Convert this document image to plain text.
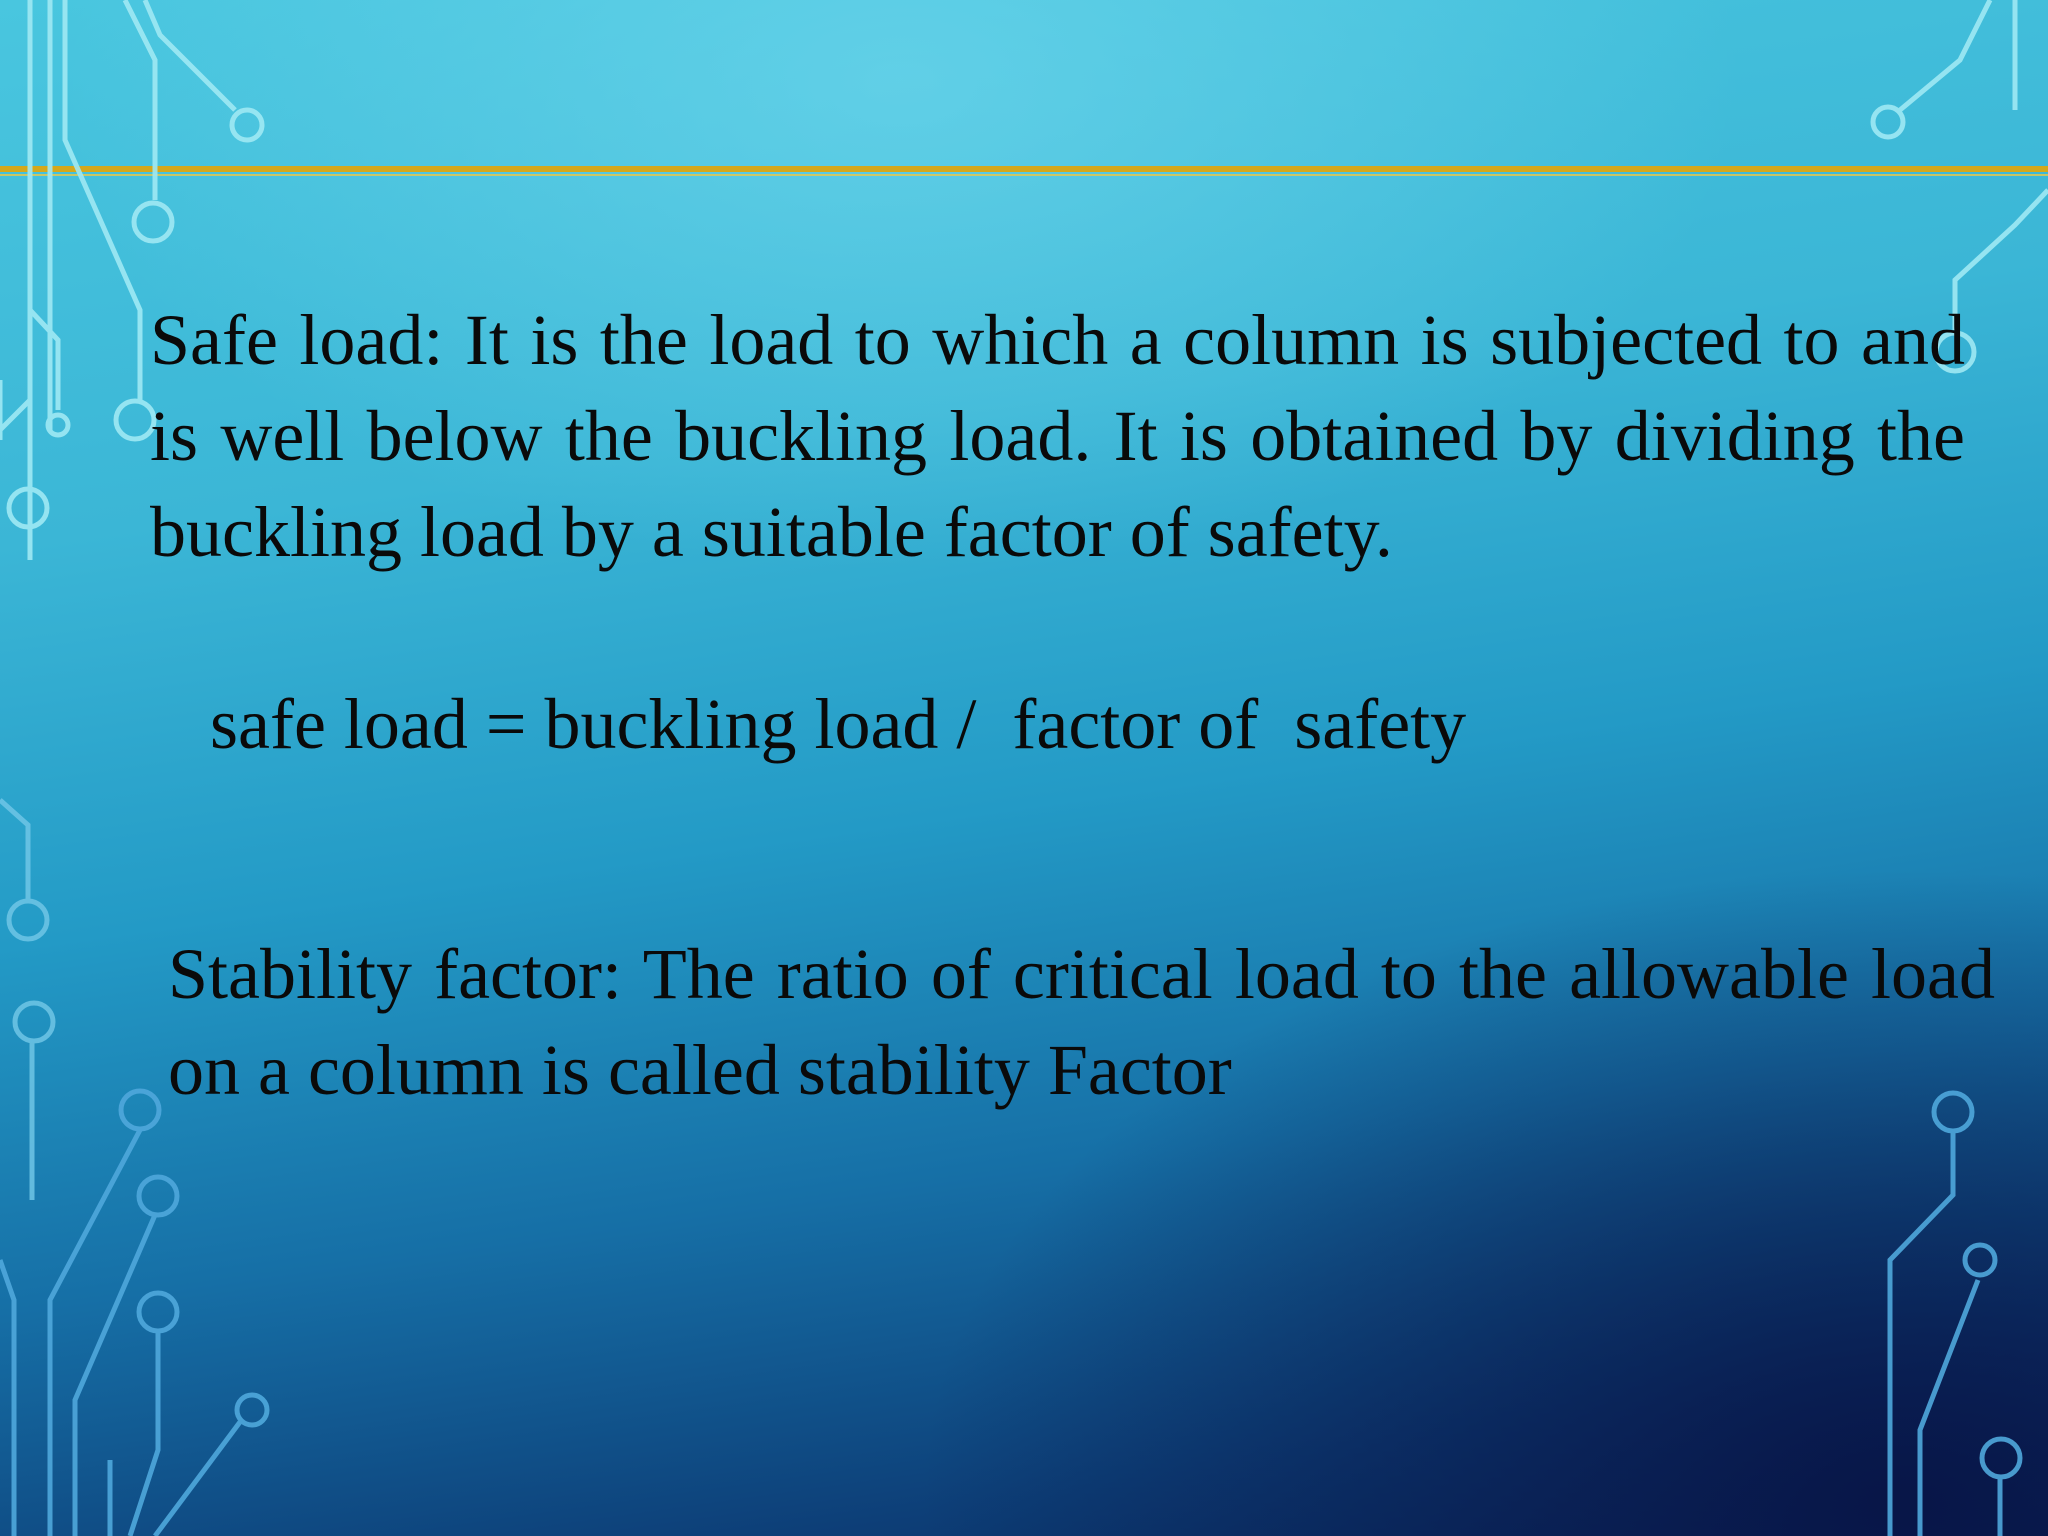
Safe load: It is the load to which a column is subjected to and is well below the buckling load. It is obtained by dividing the buckling load by a suitable factor of safety.

safe load = buckling load /  factor of  safety

Stability factor: The ratio of critical load to the allowable load on a column is called stability Factor
